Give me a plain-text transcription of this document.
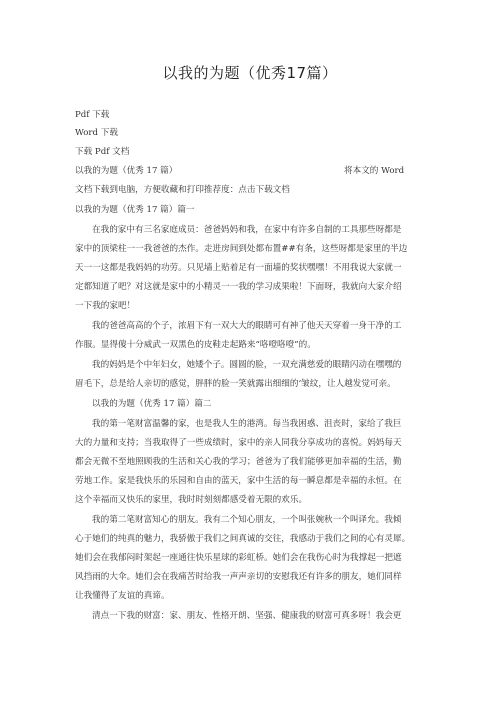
以我的为题（优秀17篇）
Pdf 下载
Word 下载
下载 Pdf 文档
以我的为题（优秀 17 篇）	将本文的 Word
文档下载到电脑，方便收藏和打印推荐度：点击下载文档
以我的为题（优秀 17 篇）篇一
在我的家中有三名家庭成员：爸爸妈妈和我，在家中有许多自制的工具那些呀都是
家中的顶梁柱一一我爸爸的杰作。走进房间到处都布置##有条，这些呀都是家里的半边
天一一这都是我妈妈的功劳。只见墙上贴着足有一面墙的奖状嘿嘿！不用我说大家就一
定都知道了吧？对这就是家中的小精灵一一我的学习成果啦！下面呀，我就向大家介绍
一下我的家吧！
我的爸爸高高的个子，浓眉下有一双大大的眼睛可有神了他天天穿着一身干净的工
作服。显得傻十分威武一双黑色的皮鞋走起路来“咯噔咯噔”的。
我的妈妈是个中年妇女，她矮个子。圆圆的脸，一双充满慈爱的眼睛闪动在嘿嘿的
眉毛下，总是给人亲切的感觉，胖胖的脸一笑就露出细细的‘皱纹，让人越发觉可亲。
以我的为题（优秀 17 篇）篇二
我的第一笔财富温馨的家，也是我人生的港湾。每当我困惑、沮丧时，家给了我巨
大的力量和支持；当我取得了一些成绩时，家中的亲人同我分享成功的喜悦。妈妈每天
都会无微不至地照顾我的生活和关心我的学习；爸爸为了我们能够更加幸福的生活，勤
劳地工作。家是我快乐的乐园和自由的蓝天，家中生活的每一瞬息都是幸福的永恒。在
这个幸福而又快乐的家里，我时时刻刻都感受着无限的欢乐。
我的第二笔财富知心的朋友。我有二个知心朋友，一个叫张婉秋一个叫译允。我倾
心于她们的纯真的魅力，我骄傲于我们之间真诚的交往，我感动于我们之间的心有灵犀。
她们会在我郁闷时架起一座通往快乐星球的彩虹桥。她们会在我伤心时为我撑起一把遮
风挡雨的大伞。她们会在我痛苦时给我一声声亲切的安慰我还有许多的朋友，她们同样
让我懂得了友谊的真谛。
清点一下我的财富：家、朋友、性格开朗、坚强、健康我的财富可真多呀！我会更
